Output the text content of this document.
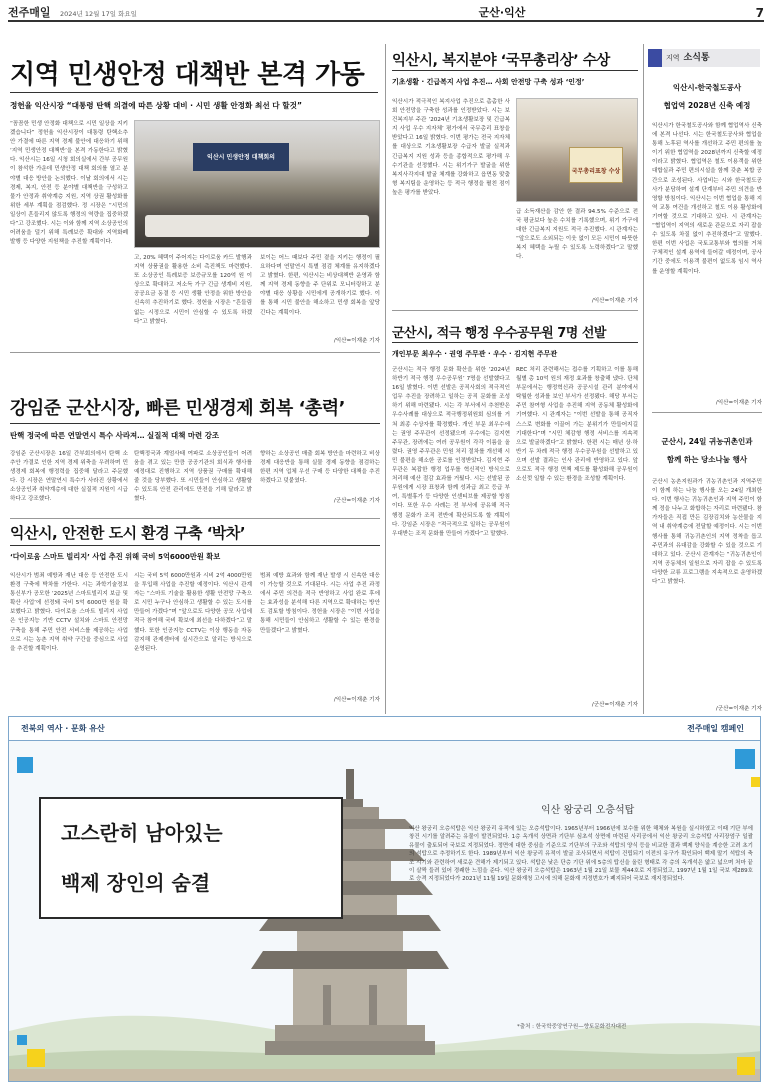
전주매일	2024년 12월 17일 화요일	군산·익산	7
지역 민생안정 대책반 본격 가동
정헌율 익산시장 “대통령 탄핵 의결에 따른 상황 대비 · 시민 생활 안정화 최선 다 할것”
“꼼꼼한 민생 안정화 대책으로 시민 일상을 지키겠습니다” 정헌율 익산시장이 대통령 탄핵소추안 가결에 따른 지역 경제 불안에 대응하기 위해 ‘지역 민생안정 대책반’을 본격 가동한다고 밝혔다. 익산시는 16일 시청 회의실에서 간부 공무원이 참석한 가운데 민생안정 대책 회의를 열고 분야별 대응 방안을 논의했다. 이날 회의에서 시는 경제, 복지, 안전 등 분야별 대책반을 구성하고 물가 안정과 취약계층 지원, 지역 상권 활성화를 위한 세부 계획을 점검했다. 정 시장은 “시민의 일상이 흔들리지 않도록 행정의 역량을 집중하겠다”고 강조했다. 시는 이와 함께 지역 소상공인의 어려움을 덜기 위해 특례보증 확대와 지역화폐 발행 등 다양한 지원책을 추진할 계획이다.
익산시 민생안정 대책회의
고, 20% 혜택이 주어지는 다이로움 카드 발행과 지역 상품권을 활용한 소비 촉진책도 마련했다. 또 소상공인 특례보증 보증규모를 120억 원 이상으로 확대하고 저소득 가구 긴급 생계비 지원, 공공요금 동결 등 시민 생활 안정을 위한 방안을 신속히 추진하기로 했다. 정헌율 시장은 “흔들림 없는 시정으로 시민이 안심할 수 있도록 하겠다”고 밝혔다.
보이는 어느 때보다 주민 곁을 지키는 행정이 필요하다며 연말연시 특별 점검 체계를 유지하겠다고 밝혔다. 한편, 익산시는 비상대책반 운영과 함께 지역 경제 동향을 주 단위로 모니터링하고 분야별 대응 상황을 시민에게 공개하기로 했다. 이를 통해 시민 불안을 해소하고 민생 회복을 앞당긴다는 계획이다.
/익산=이재춘 기자
강임준 군산시장, 빠른 민생경제 회복 ‘총력’
탄핵 정국에 따른 연말연시 특수 사라져… 실질적 대책 마련 강조
강임준 군산시장은 16일 간부회의에서 탄핵 소추안 가결로 인한 지역 경제 위축을 우려하며 민생경제 회복에 행정력을 집중해 달라고 주문했다. 강 시장은 연말연시 특수가 사라진 상황에서 소상공인과 취약계층에 대한 실질적 지원이 시급하다고 강조했다.
탄핵정국과 계엄사태 여파로 소상공인들이 어려움을 겪고 있는 만큼 공공기관의 회식과 행사를 예정대로 진행하고 지역 상품권 구매를 확대해 줄 것을 당부했다. 또 시민들이 안심하고 생활할 수 있도록 안전 관리에도 만전을 기해 달라고 밝혔다.
향하는 소상공인 매출 회복 방안을 마련하고 비상경제 대응반을 통해 실물 경제 동향을 점검하는 한편 지역 업체 우선 구매 등 다양한 대책을 추진하겠다고 덧붙였다.
/군산=이재춘 기자
익산시, 안전한 도시 환경 구축 ‘박차’
‘다이로움 스마트 빌리지’ 사업 추진 위해 국비 5억6000만원 확보
익산시가 범죄 예방과 재난 대응 등 안전한 도시 환경 구축에 박차를 가한다. 시는 과학기술정보통신부가 공모한 ‘2025년 스마트빌리지 보급 및 확산 사업’에 선정돼 국비 5억 6000만 원을 확보했다고 밝혔다. 다이로움 스마트 빌리지 사업은 인공지능 기반 CCTV 설치와 스마트 안전망 구축을 통해 주민 안전 서비스를 제공하는 사업으로 시는 농촌 지역 취약 구간을 중심으로 사업을 추진할 계획이다.
시는 국비 5억 6000만원과 시비 2억 4000만원을 투입해 사업을 추진할 예정이다. 익산시 관계자는 “스마트 기술을 활용한 생활 안전망 구축으로 시민 누구나 안심하고 생활할 수 있는 도시를 만들어 가겠다”며 “앞으로도 다양한 공모 사업에 적극 참여해 국비 확보에 최선을 다하겠다”고 말했다. 또한 인공지능 CCTV는 이상 행동을 자동 감지해 관제센터에 실시간으로 알리는 방식으로 운영된다.
범죄 예방 효과와 함께 재난 발생 시 신속한 대응이 가능할 것으로 기대된다. 시는 사업 추진 과정에서 주민 의견을 적극 반영하고 사업 완료 후에는 효과성을 분석해 다른 지역으로 확대하는 방안도 검토할 방침이다. 정헌율 시장은 “이번 사업을 통해 시민들이 안심하고 생활할 수 있는 환경을 만들겠다”고 밝혔다.
/익산=이재춘 기자
익산시, 복지분야 ‘국무총리상’ 수상
기초생활 · 긴급복지 사업 추진… 사회 안전망 구축 성과 ‘인정’
익산시가 적극적인 복지사업 추진으로 촘촘한 사회 안전망을 구축한 성과를 인정받았다. 시는 보건복지부 주관 ‘2024년 기초생활보장 및 긴급복지 사업 우수 지자체’ 평가에서 국무총리 표창을 받았다고 16일 밝혔다. 이번 평가는 전국 지자체를 대상으로 기초생활보장 수급자 발굴 실적과 긴급복지 지원 성과 등을 종합적으로 평가해 우수기관을 선정했다. 시는 위기가구 발굴을 위한 복지사각지대 발굴 체계를 강화하고 읍면동 맞춤형 복지팀을 운영하는 등 적극 행정을 펼친 점이 높은 평가를 받았다.
국무총리표창 수상
급 소득재산을 감안 한 결과 94.5% 수준으로 전국 평균보다 높은 수치를 기록했으며, 위기 가구에 대한 긴급복지 지원도 적극 추진했다. 시 관계자는 “앞으로도 소외되는 이웃 없이 모든 시민이 따뜻한 복지 혜택을 누릴 수 있도록 노력하겠다”고 말했다.
/익산=이재춘 기자
군산시, 적극 행정 우수공무원 7명 선발
개인부문 최우수 · 권영 주무관 · 우수 · 김지현 주무관
군산시는 적극 행정 문화 확산을 위한 ‘2024년 하반기 적극 행정 우수공무원’ 7명을 선발했다고 16일 밝혔다. 이번 선발은 공직사회의 적극적인 업무 추진을 장려하고 일하는 공직 문화를 조성하기 위해 마련됐다. 시는 각 부서에서 추천받은 우수사례를 대상으로 적극행정위원회 심의를 거쳐 최종 수상자를 확정했다. 개인 부문 최우수에는 권영 주무관이 선정됐으며 우수에는 김지현 주무관, 장려에는 여러 공무원이 각각 이름을 올렸다. 권영 주무관은 민원 처리 절차를 개선해 시민 불편을 해소한 공로를 인정받았다. 김지현 주무관은 복잡한 행정 업무를 혁신적인 방식으로 처리해 예산 절감 효과를 거뒀다. 시는 선발된 공무원에게 시장 표창과 함께 성과급 최고 등급 부여, 특별휴가 등 다양한 인센티브를 제공할 방침이다. 또한 우수 사례는 전 부서에 공유해 적극 행정 문화가 조직 전반에 확산되도록 할 계획이다. 강임준 시장은 “적극적으로 일하는 공무원이 우대받는 조직 문화를 만들어 가겠다”고 말했다.
REC 처리 관련해서는 접수를 기획하고 이를 통해 월별 총 10억 원의 재정 효과를 창출해 냈다. 단체 부문에서는 행정혁신과 공공시설 관리 분야에서 탁월한 성과를 보인 부서가 선정됐다. 해당 부서는 주민 참여형 사업을 추진해 지역 공동체 활성화에 기여했다. 시 관계자는 “이번 선발을 통해 공직자 스스로 변화를 이끌어 가는 분위기가 만들어지길 기대한다”며 “시민 체감형 행정 서비스를 지속적으로 발굴하겠다”고 밝혔다. 한편 시는 매년 상·하반기 두 차례 적극 행정 우수공무원을 선발하고 있으며 선발 결과는 인사 관리에 반영하고 있다. 앞으로도 적극 행정 면책 제도를 활성화해 공무원이 소신껏 일할 수 있는 환경을 조성할 계획이다.
/군산=이재춘 기자
지역 소식통
익산시-한국철도공사
협업역 2028년 신축 예정
익산시가 한국철도공사와 함께 협업역사 신축에 본격 나선다. 시는 한국철도공사와 협업을 통해 노후된 역사를 개선하고 주민 편의를 높이기 위한 협업역을 2028년까지 신축할 예정이라고 밝혔다. 협업역은 철도 이용객을 위한 대합실과 주민 편의시설을 함께 갖춘 복합 공간으로 조성된다. 사업비는 시와 한국철도공사가 분담하며 설계 단계부터 주민 의견을 반영할 방침이다. 익산시는 이번 협업을 통해 지역 교통 여건을 개선하고 철도 이용 활성화에 기여할 것으로 기대하고 있다. 시 관계자는 “협업역이 지역의 새로운 관문으로 자리 잡을 수 있도록 차질 없이 추진하겠다”고 말했다. 한편 이번 사업은 국토교통부와 협의를 거쳐 구체적인 설계 용역에 들어갈 예정이며, 공사 기간 중에도 이용객 불편이 없도록 임시 역사를 운영할 계획이다.
/익산=이재춘 기자
군산시, 24일 귀농귀촌인과
함께 하는 당소나눔 행사
군산시 농촌지원과가 귀농귀촌인과 지역주민이 함께 하는 나눔 행사를 오는 24일 개최한다. 이번 행사는 귀농귀촌인과 지역 주민이 함께 정을 나누고 화합하는 자리로 마련됐다. 참가자들은 직접 만든 김장김치와 농산물을 지역 내 취약계층에 전달할 예정이다. 시는 이번 행사를 통해 귀농귀촌인의 지역 정착을 돕고 주민과의 유대감을 강화할 수 있을 것으로 기대하고 있다. 군산시 관계자는 “귀농귀촌인이 지역 공동체의 일원으로 자리 잡을 수 있도록 다양한 교류 프로그램을 지속적으로 운영하겠다”고 밝혔다.
/군산=이재춘 기자
전북의 역사 · 문화 유산	전주매일 캠페인
고스란히 남아있는
백제 장인의 숨결
익산 왕궁리 오층석탑
익산 왕궁리 오층석탑은 익산 왕궁리 유적에 있는 오층석탑이다. 1965년부터 1966년에 보수를 위한 해체와 복원을 실시하였고 이때 기단 부에 창건 시기를 알려주는 유물이 발견되었다. 1층 옥개석 상면과 기단부 심초석 상면에 마련된 사리공에서 익산 왕궁리 오층석탑 사리장엄구 일괄 유물이 출토되어 국보로 지정되었다. 정면에 대한 중심을 기준으로 기단부의 구조와 석탑의 양식 등을 비교한 결과 백제 양식을 계승한 고려 초기의 석탑으로 추정하기도 한다. 1989년부터 익산 왕궁리 유적이 발굴 조사되면서 석탑이 건립되기 이전의 유구가 확인되어 백제 말기 석탑의 축조 시기와 관련하여 새로운 견해가 제기되고 있다. 석탑은 낮은 단층 기단 위에 5층의 탑신을 올린 형태로 각 층의 옥개석은 얇고 넓으며 처마 끝이 살짝 들려 있어 경쾌한 느낌을 준다. 익산 왕궁리 오층석탑은 1963년 1월 21일 보물 제44호로 지정되었고, 1997년 1월 1일 국보 제289호로 승격 지정되었다가 2021년 11월 19일 문화재청 고시에 의해 문화재 지정번호가 폐지되어 국보로 재지정되었다.
*출처 : 한국학중앙연구원—향토문화전자대전
